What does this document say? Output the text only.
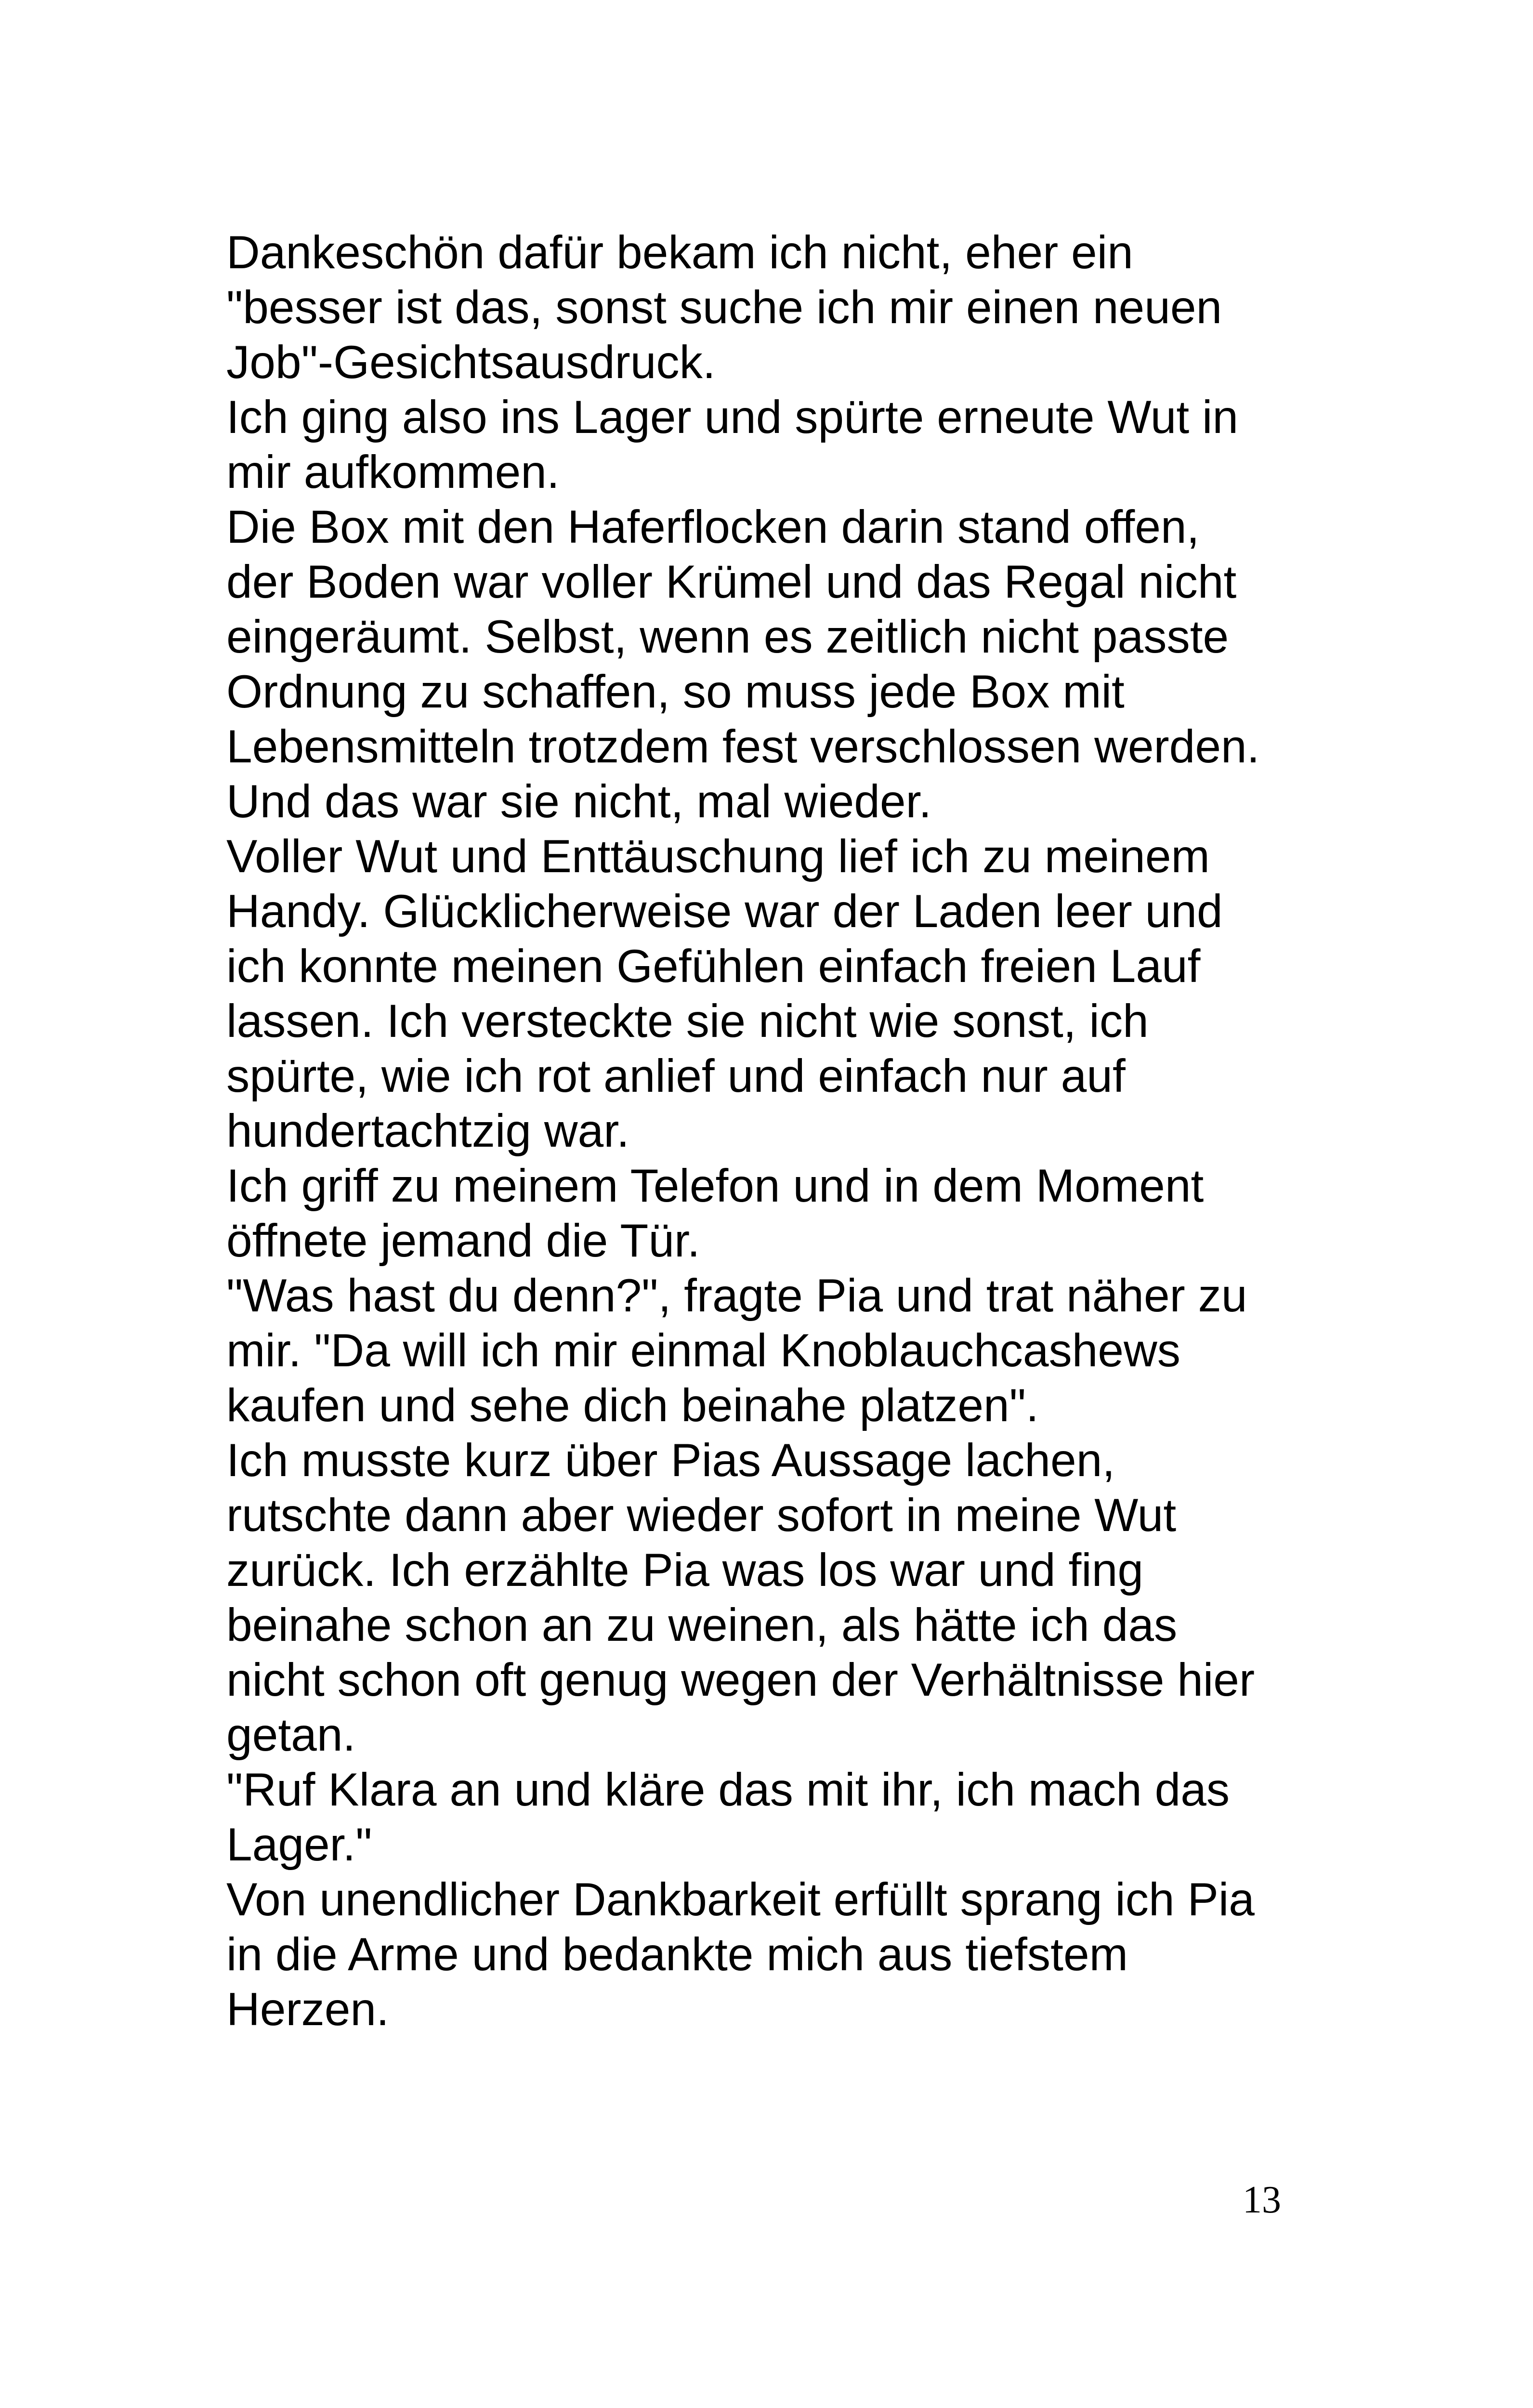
Dankeschön dafür bekam ich nicht, eher ein
"besser ist das, sonst suche ich mir einen neuen
Job"-Gesichtsausdruck.
Ich ging also ins Lager und spürte erneute Wut in
mir aufkommen.
Die Box mit den Haferflocken darin stand offen,
der Boden war voller Krümel und das Regal nicht
eingeräumt. Selbst, wenn es zeitlich nicht passte
Ordnung zu schaffen, so muss jede Box mit
Lebensmitteln trotzdem fest verschlossen werden.
Und das war sie nicht, mal wieder.
Voller Wut und Enttäuschung lief ich zu meinem
Handy. Glücklicherweise war der Laden leer und
ich konnte meinen Gefühlen einfach freien Lauf
lassen. Ich versteckte sie nicht wie sonst, ich
spürte, wie ich rot anlief und einfach nur auf
hundertachtzig war.
Ich griff zu meinem Telefon und in dem Moment
öffnete jemand die Tür.
"Was hast du denn?", fragte Pia und trat näher zu
mir. "Da will ich mir einmal Knoblauchcashews
kaufen und sehe dich beinahe platzen".
Ich musste kurz über Pias Aussage lachen,
rutschte dann aber wieder sofort in meine Wut
zurück. Ich erzählte Pia was los war und fing
beinahe schon an zu weinen, als hätte ich das
nicht schon oft genug wegen der Verhältnisse hier
getan.
"Ruf Klara an und kläre das mit ihr, ich mach das
Lager."
Von unendlicher Dankbarkeit erfüllt sprang ich Pia
in die Arme und bedankte mich aus tiefstem
Herzen.
13
